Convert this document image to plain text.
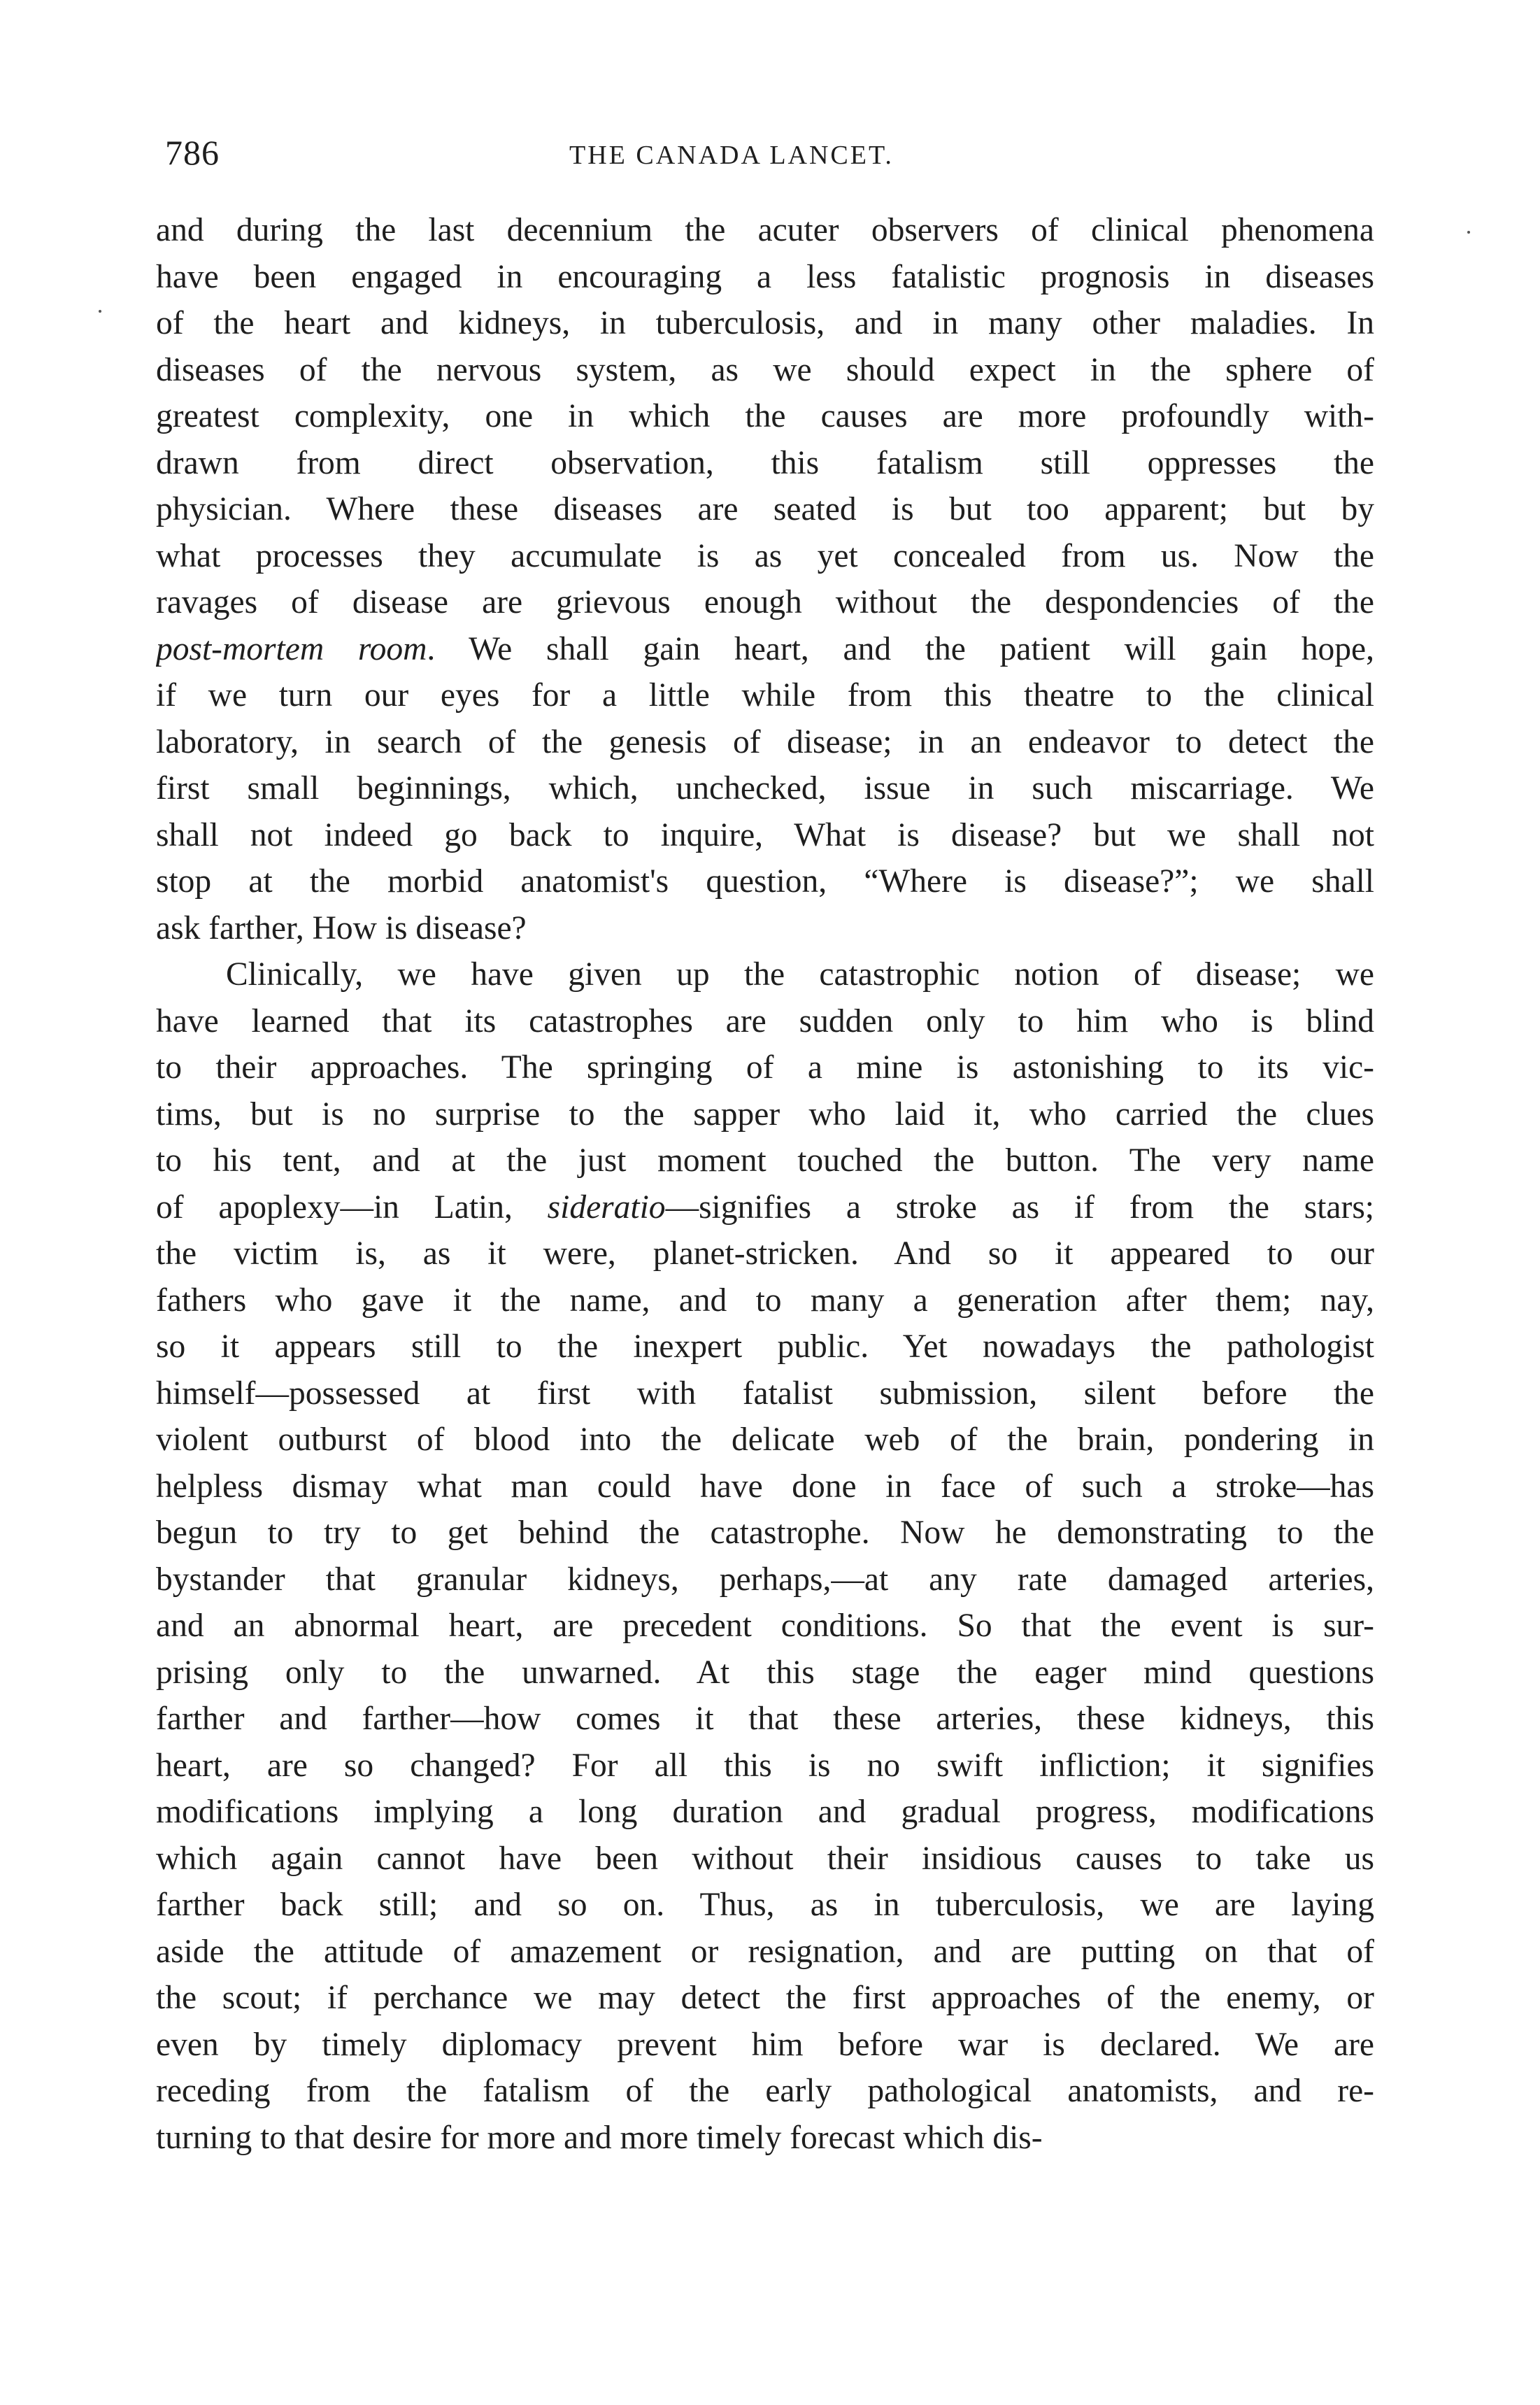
786	THE CANADA LANCET.
and during the last decennium the acuter observers of clinical phenomena
have been engaged in encouraging a less fatalistic prognosis in diseases
of the heart and kidneys, in tuberculosis, and in many other maladies. In
diseases of the nervous system, as we should expect in the sphere of
greatest complexity, one in which the causes are more profoundly with-
drawn from direct observation, this fatalism still oppresses the
physician. Where these diseases are seated is but too apparent; but by
what processes they accumulate is as yet concealed from us. Now the
ravages of disease are grievous enough without the despondencies of the
post-mortem room. We shall gain heart, and the patient will gain hope,
if we turn our eyes for a little while from this theatre to the clinical
laboratory, in search of the genesis of disease; in an endeavor to detect the
first small beginnings, which, unchecked, issue in such miscarriage. We
shall not indeed go back to inquire, What is disease? but we shall not
stop at the morbid anatomist's question, “Where is disease?”; we shall
ask farther, How is disease?
Clinically, we have given up the catastrophic notion of disease; we
have learned that its catastrophes are sudden only to him who is blind
to their approaches. The springing of a mine is astonishing to its vic-
tims, but is no surprise to the sapper who laid it, who carried the clues
to his tent, and at the just moment touched the button. The very name
of apoplexy—in Latin, sideratio—signifies a stroke as if from the stars;
the victim is, as it were, planet-stricken. And so it appeared to our
fathers who gave it the name, and to many a generation after them; nay,
so it appears still to the inexpert public. Yet nowadays the pathologist
himself—possessed at first with fatalist submission, silent before the
violent outburst of blood into the delicate web of the brain, pondering in
helpless dismay what man could have done in face of such a stroke—has
begun to try to get behind the catastrophe. Now he demonstrating to the
bystander that granular kidneys, perhaps,—at any rate damaged arteries,
and an abnormal heart, are precedent conditions. So that the event is sur-
prising only to the unwarned. At this stage the eager mind questions
farther and farther—how comes it that these arteries, these kidneys, this
heart, are so changed? For all this is no swift infliction; it signifies
modifications implying a long duration and gradual progress, modifications
which again cannot have been without their insidious causes to take us
farther back still; and so on. Thus, as in tuberculosis, we are laying
aside the attitude of amazement or resignation, and are putting on that of
the scout; if perchance we may detect the first approaches of the enemy, or
even by timely diplomacy prevent him before war is declared. We are
receding from the fatalism of the early pathological anatomists, and re-
turning to that desire for more and more timely forecast which dis-
